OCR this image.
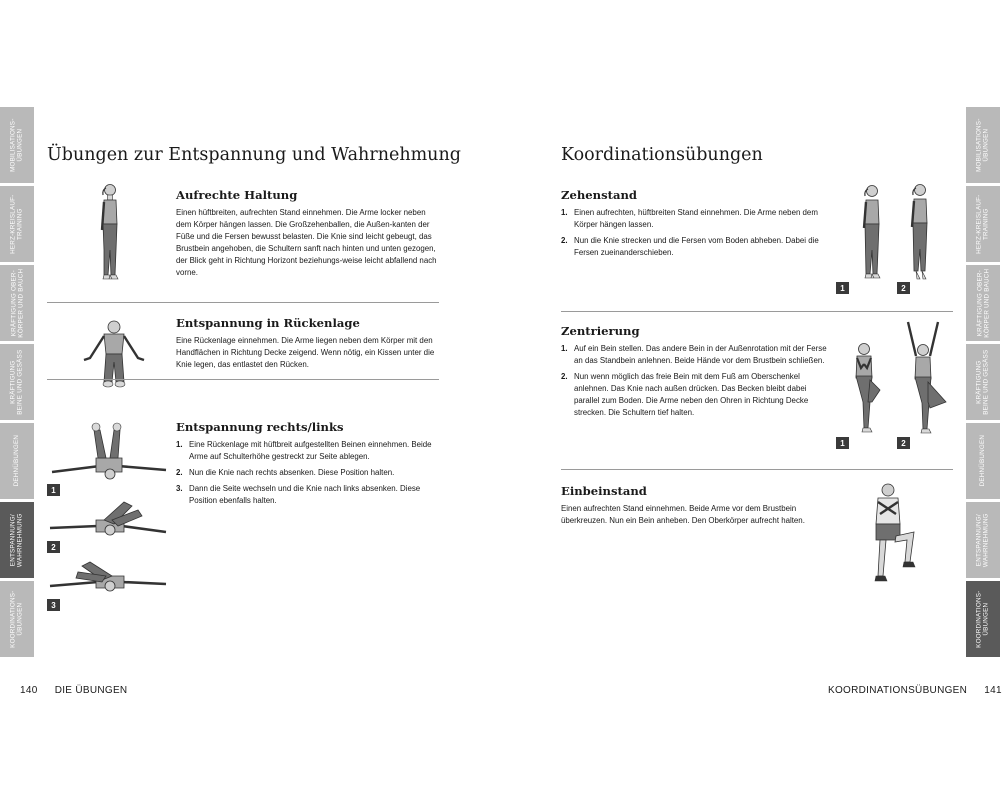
MOBILISATIONS-
ÜBUNGEN
HERZ-KREISLAUF-
TRAINING
KRÄFTIGUNG OBER-
KÖRPER UND BAUCH
KRÄFTIGUNG
BEINE UND GESÄSS
DEHNÜBUNGEN
ENTSPANNUNG/
WAHRNEHMUNG
KOORDINATIONS-
ÜBUNGEN
Übungen zur Entspannung und Wahrnehmung
Aufrechte Haltung
Einen hüftbreiten, aufrechten Stand einnehmen. Die Arme locker neben dem Körper hängen lassen. Die Großzehenballen, die Außen-kanten der Füße und die Fersen bewusst belasten. Die Knie sind leicht gebeugt, das Brustbein angehoben, die Schultern sanft nach hinten und unten gezogen, der Blick geht in Richtung Horizont beziehungs-weise leicht abfallend nach vorne.
Entspannung in Rückenlage
Eine Rückenlage einnehmen. Die Arme liegen neben dem Körper mit den Handflächen in Richtung Decke zeigend. Wenn nötig, ein Kissen unter die Knie legen, das entlastet den Rücken.
1
2
3
Entspannung rechts/links
1. Eine Rückenlage mit hüftbreit aufgestellten Beinen einnehmen. Beide Arme auf Schulterhöhe gestreckt zur Seite ablegen.
2. Nun die Knie nach rechts absenken. Diese Position halten.
3. Dann die Seite wechseln und die Knie nach links absenken. Diese Position ebenfalls halten.
140 DIE ÜBUNGEN
MOBILISATIONS-
ÜBUNGEN
HERZ-KREISLAUF-
TRAINING
KRÄFTIGUNG OBER-
KÖRPER UND BAUCH
KRÄFTIGUNG
BEINE UND GESÄSS
DEHNÜBUNGEN
ENTSPANNUNG/
WAHRNEHMUNG
KOORDINATIONS-
ÜBUNGEN
Koordinationsübungen
Zehenstand
1. Einen aufrechten, hüftbreiten Stand einnehmen. Die Arme neben dem Körper hängen lassen.
2. Nun die Knie strecken und die Fersen vom Boden abheben. Dabei die Fersen zueinanderschieben.
1	2
Zentrierung
1. Auf ein Bein stellen. Das andere Bein in der Außenrotation mit der Ferse an das Standbein anlehnen. Beide Hände vor dem Brustbein schließen.
2. Nun wenn möglich das freie Bein mit dem Fuß am Oberschenkel anlehnen. Das Knie nach außen drücken. Das Becken bleibt dabei parallel zum Boden. Die Arme neben den Ohren in Richtung Decke strecken. Die Schultern tief halten.
1	2
Einbeinstand
Einen aufrechten Stand einnehmen. Beide Arme vor dem Brustbein überkreuzen. Nun ein Bein anheben. Den Oberkörper aufrecht halten.
KOORDINATIONSÜBUNGEN 141
